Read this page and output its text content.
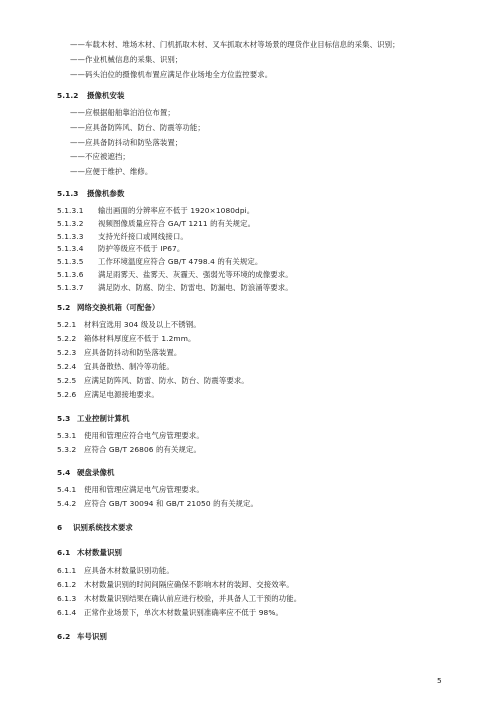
——车载木材、堆场木材、门机抓取木材、叉车抓取木材等场景的理货作业目标信息的采集、识别；
——作业机械信息的采集、识别；
——码头泊位的摄像机布置应满足作业场地全方位监控要求。
5.1.2 摄像机安装
——应根据船舶靠泊泊位布置；
——应具备防阵风、防台、防震等功能；
——应具备防抖动和防坠落装置；
——不应被遮挡；
——应便于维护、维修。
5.1.3 摄像机参数
5.1.3.1 输出画面的分辨率应不低于 1920×1080dpi。
5.1.3.2 视频图像质量应符合 GA/T 1211 的有关规定。
5.1.3.3 支持光纤接口或网线接口。
5.1.3.4 防护等级应不低于 IP67。
5.1.3.5 工作环境温度应符合 GB/T 4798.4 的有关规定。
5.1.3.6 满足雨雾天、盐雾天、灰霾天、强弱光等环境的成像要求。
5.1.3.7 满足防水、防腐、防尘、防雷电、防漏电、防浪涌等要求。
5.2 网络交换机箱（可配备）
5.2.1 材料宜选用 304 级及以上不锈钢。
5.2.2 箱体材料厚度应不低于 1.2mm。
5.2.3 应具备防抖动和防坠落装置。
5.2.4 宜具备散热、制冷等功能。
5.2.5 应满足防阵风、防雷、防水、防台、防震等要求。
5.2.6 应满足电源接地要求。
5.3 工业控制计算机
5.3.1 使用和管理应符合电气房管理要求。
5.3.2 应符合 GB/T 26806 的有关规定。
5.4 硬盘录像机
5.4.1 使用和管理应满足电气房管理要求。
5.4.2 应符合 GB/T 30094 和 GB/T 21050 的有关规定。
6 识别系统技术要求
6.1 木材数量识别
6.1.1 应具备木材数量识别功能。
6.1.2 木材数量识别的时间间隔应确保不影响木材的装卸、交接效率。
6.1.3 木材数量识别结果在确认前应进行校验，并具备人工干预的功能。
6.1.4 正常作业场景下，单次木材数量识别准确率应不低于 98%。
6.2 车号识别
5
